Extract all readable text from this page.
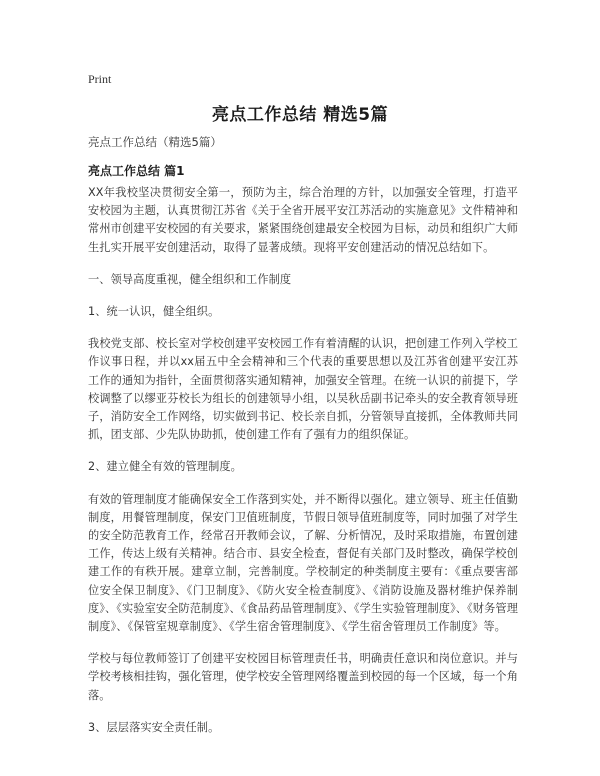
Print
亮点工作总结 精选5篇
亮点工作总结（精选5篇）
亮点工作总结 篇1

XX年我校坚决贯彻安全第一，预防为主，综合治理的方针，以加强安全管理，打造平安校园为主题，认真贯彻江苏省《关于全省开展平安江苏活动的实施意见》文件精神和常州市创建平安校园的有关要求，紧紧围绕创建最安全校园为目标，动员和组织广大师生扎实开展平安创建活动，取得了显著成绩。现将平安创建活动的情况总结如下。

一、领导高度重视，健全组织和工作制度

1、统一认识，健全组织。

我校党支部、校长室对学校创建平安校园工作有着清醒的认识，把创建工作列入学校工作议事日程，并以xx届五中全会精神和三个代表的重要思想以及江苏省创建平安江苏工作的通知为指针，全面贯彻落实通知精神，加强安全管理。在统一认识的前提下，学校调整了以缪亚芬校长为组长的创建领导小组，以吴秋岳副书记牵头的安全教育领导班子，消防安全工作网络，切实做到书记、校长亲自抓，分管领导直接抓，全体教师共同抓，团支部、少先队协助抓，使创建工作有了强有力的组织保证。

2、建立健全有效的管理制度。

有效的管理制度才能确保安全工作落到实处，并不断得以强化。建立领导、班主任值勤制度，用餐管理制度，保安门卫值班制度，节假日领导值班制度等，同时加强了对学生的安全防范教育工作，经常召开教师会议，了解、分析情况，及时采取措施，布置创建工作，传达上级有关精神。结合市、县安全检查，督促有关部门及时整改，确保学校创建工作的有秩开展。建章立制，完善制度。学校制定的种类制度主要有：《重点要害部位安全保卫制度》、《门卫制度》、《防火安全检查制度》、《消防设施及器材维护保养制度》、《实验室安全防范制度》、《食品药品管理制度》、《学生实验管理制度》、《财务管理制度》、《保管室规章制度》、《学生宿舍管理制度》、《学生宿舍管理员工作制度》等。

学校与每位教师签订了创建平安校园目标管理责任书，明确责任意识和岗位意识。并与学校考核相挂钩，强化管理，使学校安全管理网络覆盖到校园的每一个区域，每一个角落。

3、层层落实安全责任制。
